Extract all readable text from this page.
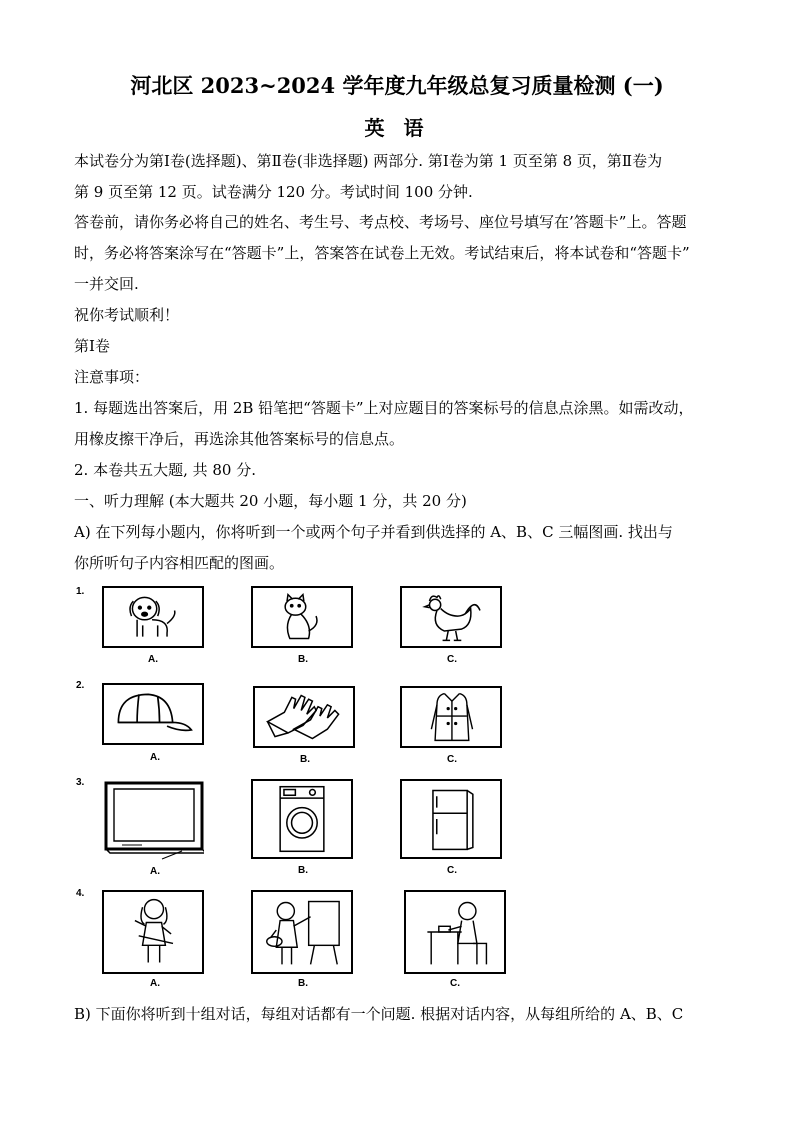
河北区 2023~2024 学年度九年级总复习质量检测 (一)
英 语
本试卷分为第Ⅰ卷(选择题)、第Ⅱ卷(非选择题) 两部分. 第Ⅰ卷为第 1 页至第 8 页，第Ⅱ卷为
第 9 页至第 12 页。试卷满分 120 分。考试时间 100 分钟.
答卷前，请你务必将自己的姓名、考生号、考点校、考场号、座位号填写在’答题卡”上。答题
时，务必将答案涂写在“答题卡”上，答案答在试卷上无效。考试结束后，将本试卷和“答题卡”
一并交回.
祝你考试顺利！
第Ⅰ卷
注意事项：
1. 每题选出答案后，用 2B 铅笔把“答题卡”上对应题目的答案标号的信息点涂黑。如需改动，
用橡皮擦干净后，再选涂其他答案标号的信息点。
2. 本卷共五大题, 共 80 分.
一、听力理解 (本大题共 20 小题，每小题 1 分，共 20 分)
A) 在下列每小题内，你将听到一个或两个句子并看到供选择的 A、B、C 三幅图画. 找出与
你所听句子内容相匹配的图画。
1.
A.	B.	C.
2.
A.	B.	C.
3.
A.	B.	C.
4.
A.	B.	C.
B) 下面你将听到十组对话，每组对话都有一个问题. 根据对话内容，从每组所给的 A、B、C
